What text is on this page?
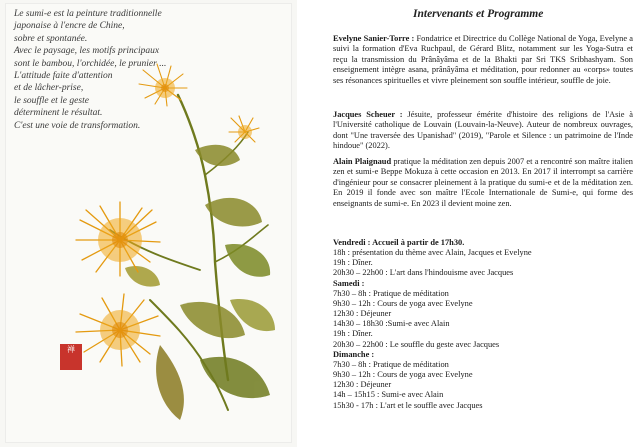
Le sumi-e est la peinture traditionnelle
japonaise à l'encre de Chine,
sobre et spontanée.
Avec le paysage, les motifs principaux
sont le bambou, l'orchidée, le prunier ...
L'attitude faite d'attention
et de lâcher-prise,
le souffle et le geste
déterminent le résultat.
C'est une voie de transformation.
禅
Intervenants et Programme
Evelyne Sanier-Torre : Fondatrice et Directrice du Collège National de Yoga, Evelyne a suivi la formation d'Eva Ruchpaul, de Gérard Blitz, notamment sur les Yoga-Sutra et reçu la transmission du Prânâyâma et de la Bhakti par Sri TKS Sribhashyam. Son enseignement intègre asana, prânâyâma et méditation, pour redonner au «corps» toutes ses résonances spirituelles et vivre pleinement son souffle intérieur, souffle de joie.
Jacques Scheuer : Jésuite, professeur émérite d'histoire des religions de l'Asie à l'Université catholique de Louvain (Louvain-la-Neuve). Auteur de nombreux ouvrages, dont "Une traversée des Upanishad" (2019), "Parole et Silence : un patrimoine de l'Inde hindoue" (2022).
Alain Plaignaud pratique la méditation zen depuis 2007 et a rencontré son maître italien zen et sumi-e Beppe Mokuza à cette occasion en 2013. En 2017 il interrompt sa carrière d'ingénieur pour se consacrer pleinement à la pratique du sumi-e et de la méditation zen. En 2019 il fonde avec son maître l'Ecole Internationale de Sumi-e, qui forme des enseignants de sumi-e. En 2023 il devient moine zen.
Vendredi : Accueil à partir de 17h30.
18h : présentation du thème avec Alain, Jacques et Evelyne
19h : Dîner.
20h30 – 22h00 : L'art dans l'hindouisme avec Jacques
Samedi :
7h30 – 8h : Pratique de méditation
9h30 – 12h : Cours de yoga avec Evelyne
12h30 : Déjeuner
14h30 – 18h30 :Sumi-e avec Alain
19h : Dîner.
20h30 – 22h00 : Le souffle du geste avec Jacques
Dimanche :
7h30 – 8h : Pratique de méditation
9h30 – 12h : Cours de yoga avec Evelyne
12h30 : Déjeuner
14h – 15h15 : Sumi-e avec Alain
15h30 - 17h : L'art et le souffle avec Jacques
